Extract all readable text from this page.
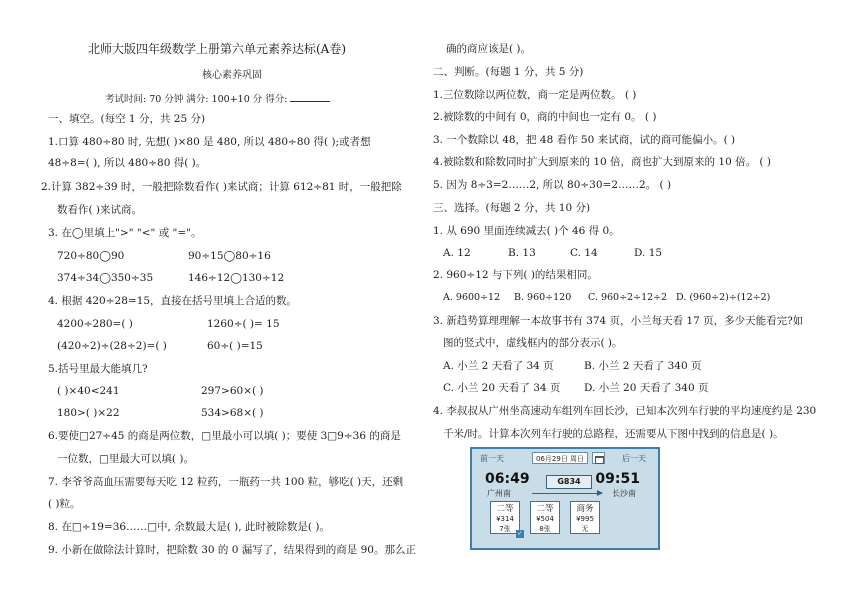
北师大版四年级数学上册第六单元素养达标(A卷)
核心素养巩固
考试时间: 70 分钟 满分: 100+10 分 得分:
一、填空。(每空 1 分，共 25 分)
1.口算 480÷80 时, 先想( )×80 是 480, 所以 480÷80 得( );或者想
48÷8=( ), 所以 480÷80 得( )。
2.计算 382÷39 时，一般把除数看作( )来试商；计算 612÷81 时，一般把除
数看作( )来试商。
3. 在◯里填上">" "<" 或 "="。
720÷80◯90	90÷15◯80÷16
374÷34◯350÷35	146÷12◯130÷12
4. 根据 420÷28=15，直接在括号里填上合适的数。
4200÷280=( )	1260÷( )= 15
(420÷2)÷(28÷2)=( )	60÷( )=15
5.括号里最大能填几?
( )×40<241	297>60×( )
180>( )×22	534>68×( )
6.要使□27÷45 的商是两位数，□里最小可以填( )；要使 3□9÷36 的商是
一位数，□里最大可以填( )。
7. 李爷爷高血压需要每天吃 12 粒药，一瓶药一共 100 粒，够吃( )天，还剩
( )粒。
8. 在□÷19=36……□中, 余数最大是( ), 此时被除数是( )。
9. 小新在做除法计算时，把除数 30 的 0 漏写了，结果得到的商是 90。那么正
确的商应该是( )。
二、判断。(每题 1 分，共 5 分)
1.三位数除以两位数，商一定是两位数。 ( )
2.被除数的中间有 0，商的中间也一定有 0。 ( )
3. 一个数除以 48，把 48 看作 50 来试商，试的商可能偏小。( )
4.被除数和除数同时扩大到原来的 10 倍，商也扩大到原来的 10 倍。 ( )
5. 因为 8÷3=2……2, 所以 80÷30=2……2。 ( )
三、选择。(每题 2 分，共 10 分)
1. 从 690 里面连续减去( )个 46 得 0。
A. 12	B. 13	C. 14	D. 15
2. 960÷12 与下列( )的结果相同。
A. 9600÷12 B. 960÷120 C. 960÷2÷12÷2 D. (960÷2)÷(12÷2)
3. 新趋势算理理解一本故事书有 374 页，小兰每天看 17 页，多少天能看完?如
图的竖式中，虚线框内的部分表示( )。
A. 小兰 2 天看了 34 页	B. 小兰 2 天看了 340 页
C. 小兰 20 天看了 34 页 D. 小兰 20 天看了 340 页
4. 李叔叔从广州坐高速动车组列车回长沙，已知本次列车行驶的平均速度约是 230
千米/时。计算本次列车行驶的总路程，还需要从下图中找到的信息是( )。
前一天	06月29日 周日	后一天
06:49
广州南
G834	09:51
长沙南
二等
¥314
7张
✓
二等
¥504
8张
商务
¥995
无
